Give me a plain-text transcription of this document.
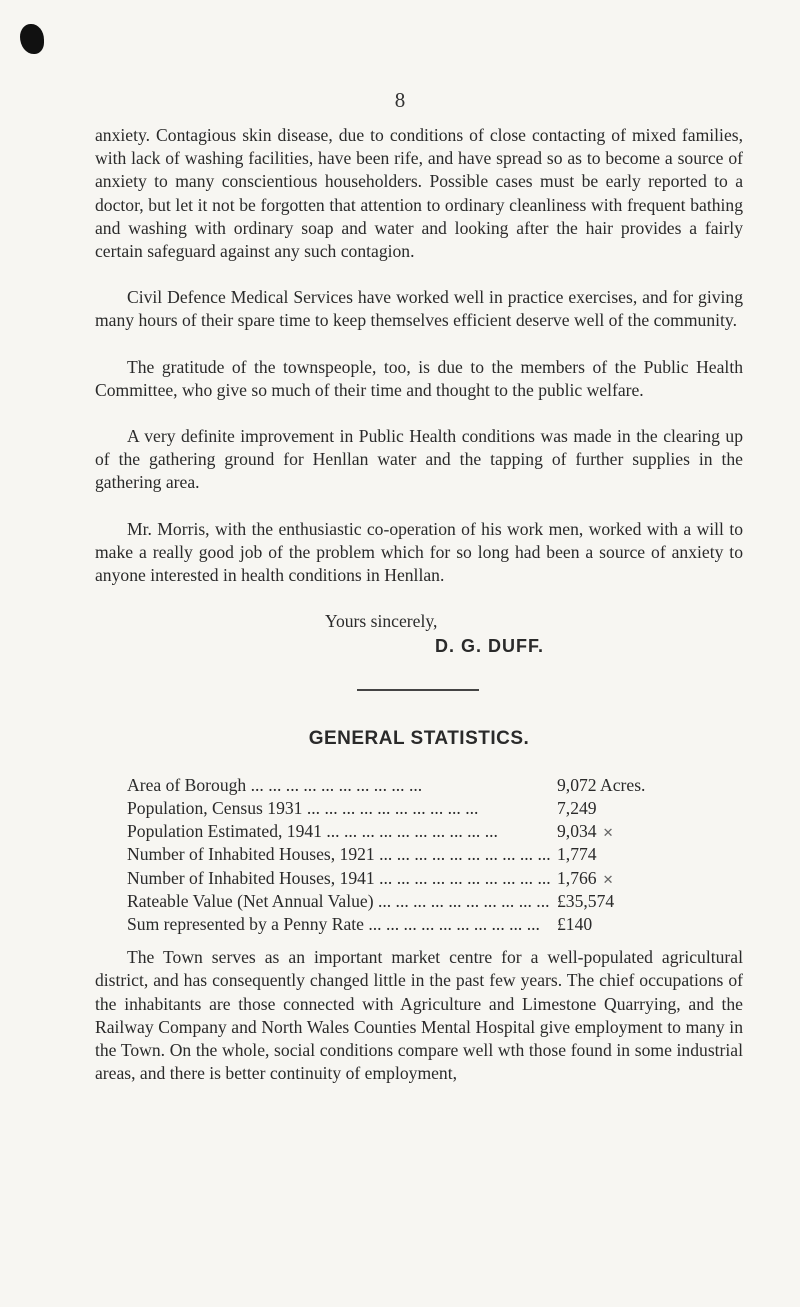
8

anxiety. Contagious skin disease, due to conditions of close contacting of mixed families, with lack of washing facilities, have been rife, and have spread so as to become a source of anxiety to many conscientious householders. Possible cases must be early reported to a doctor, but let it not be forgotten that attention to ordinary cleanliness with frequent bathing and washing with ordinary soap and water and looking after the hair provides a fairly certain safeguard against any such contagion.

Civil Defence Medical Services have worked well in practice exercises, and for giving many hours of their spare time to keep themselves efficient deserve well of the community.

The gratitude of the townspeople, too, is due to the members of the Public Health Committee, who give so much of their time and thought to the public welfare.

A very definite improvement in Public Health conditions was made in the clearing up of the gathering ground for Henllan water and the tapping of further supplies in the gathering area.

Mr. Morris, with the enthusiastic co-operation of his work men, worked with a will to make a really good job of the problem which for so long had been a source of anxiety to anyone interested in health conditions in Henllan.

Yours sincerely,
D. G. DUFF.
GENERAL STATISTICS.
Area of Borough ... .	9,072 Acres.
Population, Census 1931 ... .	7,249
Population Estimated, 1941 ... .	9,034 ✕
Number of Inhabited Houses, 1921 ... .	1,774
Number of Inhabited Houses, 1941 ... .	1,766 ✕
Rateable Value (Net Annual Value) ... .	£35,574
Sum represented by a Penny Rate ... .	£140

The Town serves as an important market centre for a well-populated agricultural district, and has consequently changed little in the past few years. The chief occupations of the inhabitants are those connected with Agriculture and Limestone Quarrying, and the Railway Company and North Wales Counties Mental Hospital give employment to many in the Town. On the whole, social conditions compare well wth those found in some industrial areas, and there is better continuity of employment,
